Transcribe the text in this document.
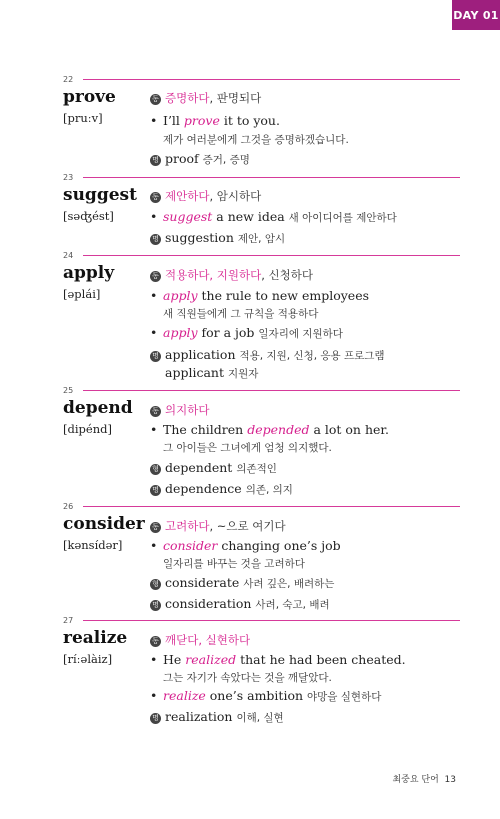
DAY 01
22
prove
[pruːv]
동 증명하다, 판명되다
• I’ll prove it to you.
제가 여러분에게 그것을 증명하겠습니다.
명 proof 증거, 증명
23
suggest
[səʤést]
동 제안하다, 암시하다
• suggest a new idea 새 아이디어를 제안하다
명 suggestion 제안, 암시
24
apply
[əplái]
동 적용하다, 지원하다, 신청하다
• apply the rule to new employees
새 직원들에게 그 규칙을 적용하다
• apply for a job 일자리에 지원하다
명 application 적용, 지원, 신청, 응용 프로그램
applicant 지원자
25
depend
[dipénd]
동 의지하다
• The children depended a lot on her.
그 아이들은 그녀에게 엄청 의지했다.
형 dependent 의존적인
명 dependence 의존, 의지
26
consider
[kənsídər]
동 고려하다, ~으로 여기다
• consider changing one’s job
일자리를 바꾸는 것을 고려하다
형 considerate 사려 깊은, 배려하는
명 consideration 사려, 숙고, 배려
27
realize
[ríːəlàiz]
동 깨닫다, 실현하다
• He realized that he had been cheated.
그는 자기가 속았다는 것을 깨달았다.
• realize one’s ambition 야망을 실현하다
명 realization 이해, 실현
최중요 단어 13
